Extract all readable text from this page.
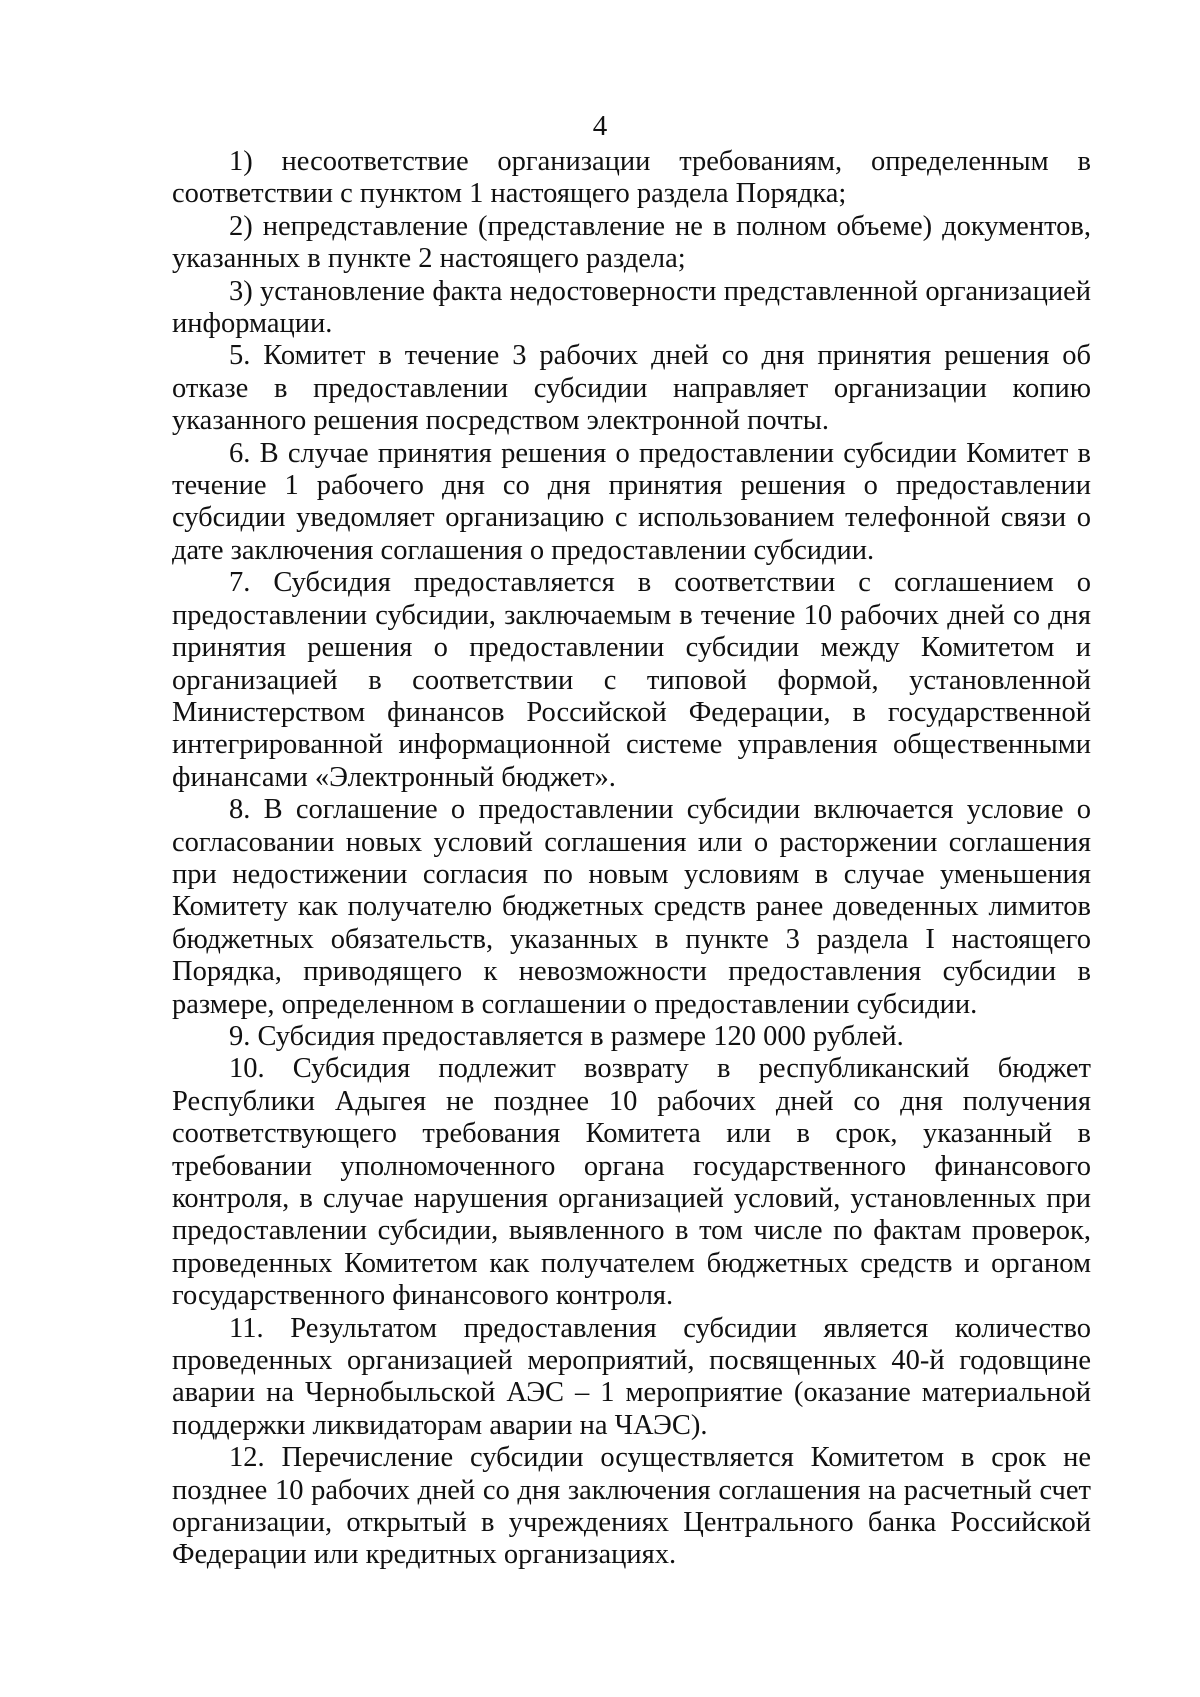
4

1) несоответствие организации требованиям, определенным в соответствии с пунктом 1 настоящего раздела Порядка;

2) непредставление (представление не в полном объеме) документов, указанных в пункте 2 настоящего раздела;

3) установление факта недостоверности представленной организацией информации.

5. Комитет в течение 3 рабочих дней со дня принятия решения об отказе в предоставлении субсидии направляет организации копию указанного решения посредством электронной почты.

6. В случае принятия решения о предоставлении субсидии Комитет в течение 1 рабочего дня со дня принятия решения о предоставлении субсидии уведомляет организацию с использованием телефонной связи о дате заключения соглашения о предоставлении субсидии.

7. Субсидия предоставляется в соответствии с соглашением о предоставлении субсидии, заключаемым в течение 10 рабочих дней со дня принятия решения о предоставлении субсидии между Комитетом и организацией в соответствии с типовой формой, установленной Министерством финансов Российской Федерации, в государственной интегрированной информационной системе управления общественными финансами «Электронный бюджет».

8. В соглашение о предоставлении субсидии включается условие о согласовании новых условий соглашения или о расторжении соглашения при недостижении согласия по новым условиям в случае уменьшения Комитету как получателю бюджетных средств ранее доведенных лимитов бюджетных обязательств, указанных в пункте 3 раздела I настоящего Порядка, приводящего к невозможности предоставления субсидии в размере, определенном в соглашении о предоставлении субсидии.

9. Субсидия предоставляется в размере 120 000 рублей.

10. Субсидия подлежит возврату в республиканский бюджет Республики Адыгея не позднее 10 рабочих дней со дня получения соответствующего требования Комитета или в срок, указанный в требовании уполномоченного органа государственного финансового контроля, в случае нарушения организацией условий, установленных при предоставлении субсидии, выявленного в том числе по фактам проверок, проведенных Комитетом как получателем бюджетных средств и органом государственного финансового контроля.

11. Результатом предоставления субсидии является количество проведенных организацией мероприятий, посвященных 40-й годовщине аварии на Чернобыльской АЭС – 1 мероприятие (оказание материальной поддержки ликвидаторам аварии на ЧАЭС).

12. Перечисление субсидии осуществляется Комитетом в срок не позднее 10 рабочих дней со дня заключения соглашения на расчетный счет организации, открытый в учреждениях Центрального банка Российской Федерации или кредитных организациях.
